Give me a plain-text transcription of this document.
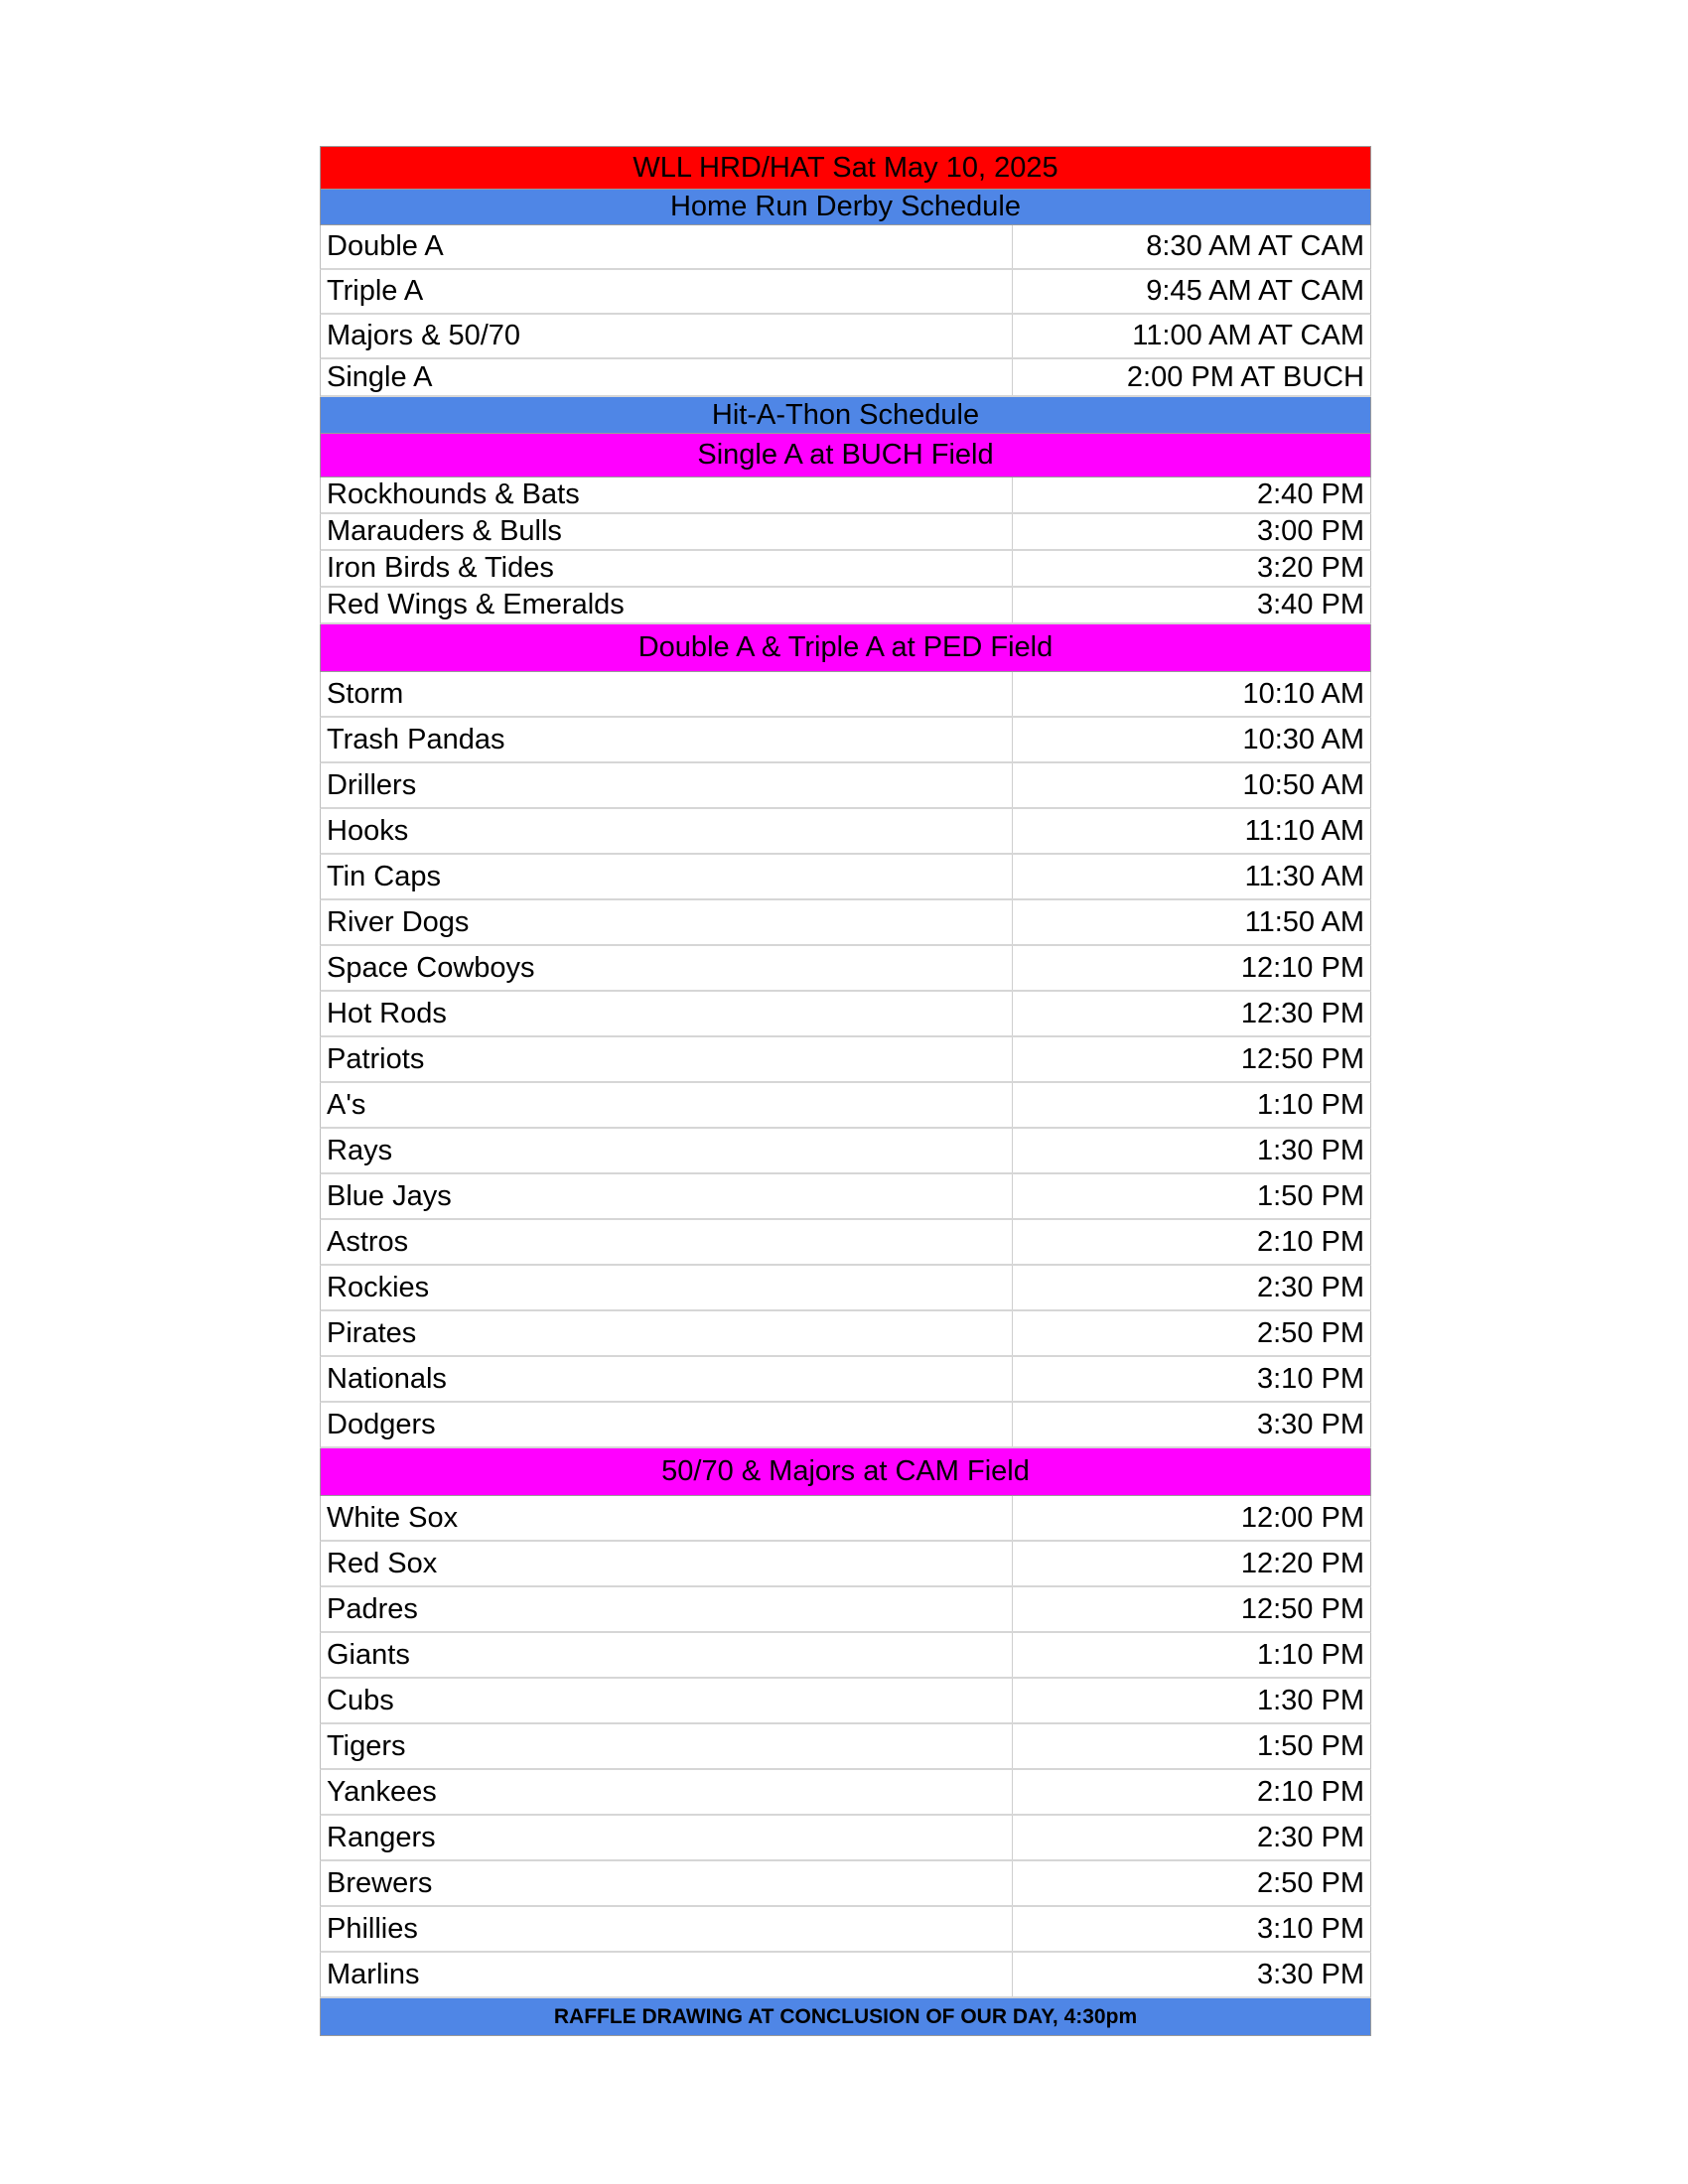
WLL HRD/HAT Sat May 10, 2025
Home Run Derby Schedule
Double A	8:30 AM AT CAM
Triple A	9:45 AM AT CAM
Majors & 50/70	11:00 AM AT CAM
Single A	2:00 PM AT BUCH
Hit-A-Thon Schedule
Single A at BUCH Field
Rockhounds & Bats	2:40 PM
Marauders & Bulls	3:00 PM
Iron Birds & Tides	3:20 PM
Red Wings & Emeralds	3:40 PM
Double A & Triple A at PED Field
Storm	10:10 AM
Trash Pandas	10:30 AM
Drillers	10:50 AM
Hooks	11:10 AM
Tin Caps	11:30 AM
River Dogs	11:50 AM
Space Cowboys	12:10 PM
Hot Rods	12:30 PM
Patriots	12:50 PM
A's	1:10 PM
Rays	1:30 PM
Blue Jays	1:50 PM
Astros	2:10 PM
Rockies	2:30 PM
Pirates	2:50 PM
Nationals	3:10 PM
Dodgers	3:30 PM
50/70 & Majors at CAM Field
White Sox	12:00 PM
Red Sox	12:20 PM
Padres	12:50 PM
Giants	1:10 PM
Cubs	1:30 PM
Tigers	1:50 PM
Yankees	2:10 PM
Rangers	2:30 PM
Brewers	2:50 PM
Phillies	3:10 PM
Marlins	3:30 PM
RAFFLE DRAWING AT CONCLUSION OF OUR DAY, 4:30pm
